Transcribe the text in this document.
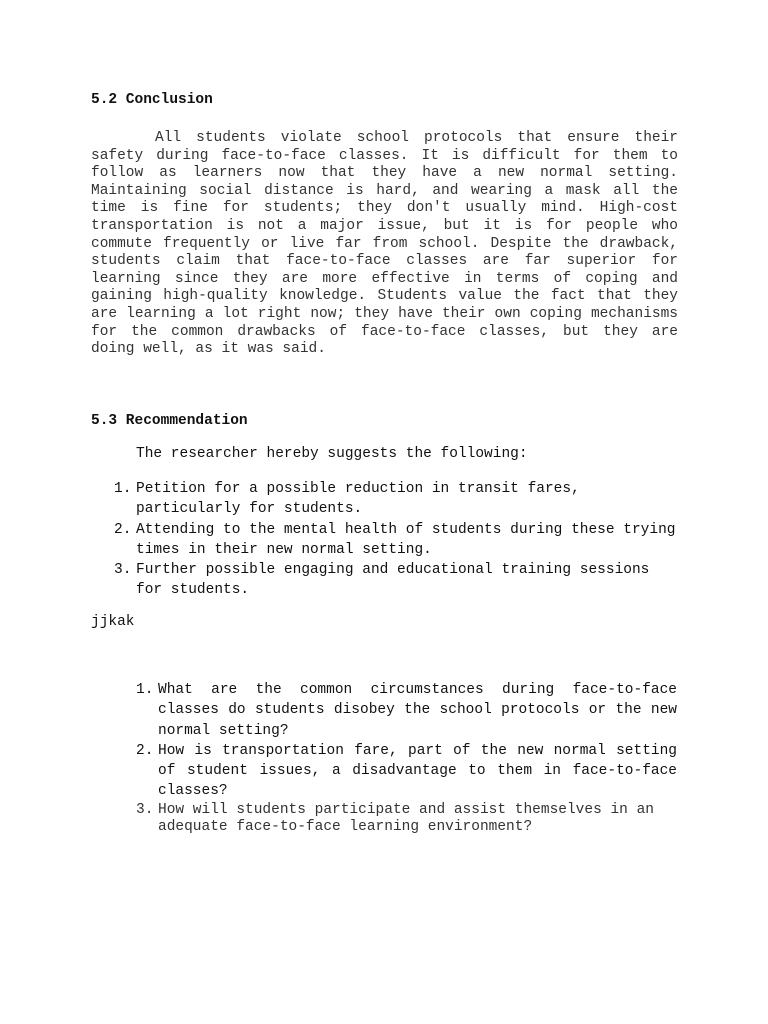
5.2 Conclusion

All students violate school protocols that ensure their safety during face-to-face classes. It is difficult for them to follow as learners now that they have a new normal setting. Maintaining social distance is hard, and wearing a mask all the time is fine for students; they don't usually mind. High-cost transportation is not a major issue, but it is for people who commute frequently or live far from school. Despite the drawback, students claim that face-to-face classes are far superior for learning since they are more effective in terms of coping and gaining high-quality knowledge. Students value the fact that they are learning a lot right now; they have their own coping mechanisms for the common drawbacks of face-to-face classes, but they are doing well, as it was said.

5.3 Recommendation

The researcher hereby suggests the following:

1. Petition for a possible reduction in transit fares, particularly for students.
2. Attending to the mental health of students during these trying times in their new normal setting.
3. Further possible engaging and educational training sessions for students.

jjkak

1. What are the common circumstances during face-to-face classes do students disobey the school protocols or the new normal setting?
2. How is transportation fare, part of the new normal setting of student issues, a disadvantage to them in face-to-face classes?
3. How will students participate and assist themselves in an adequate face-to-face learning environment?
